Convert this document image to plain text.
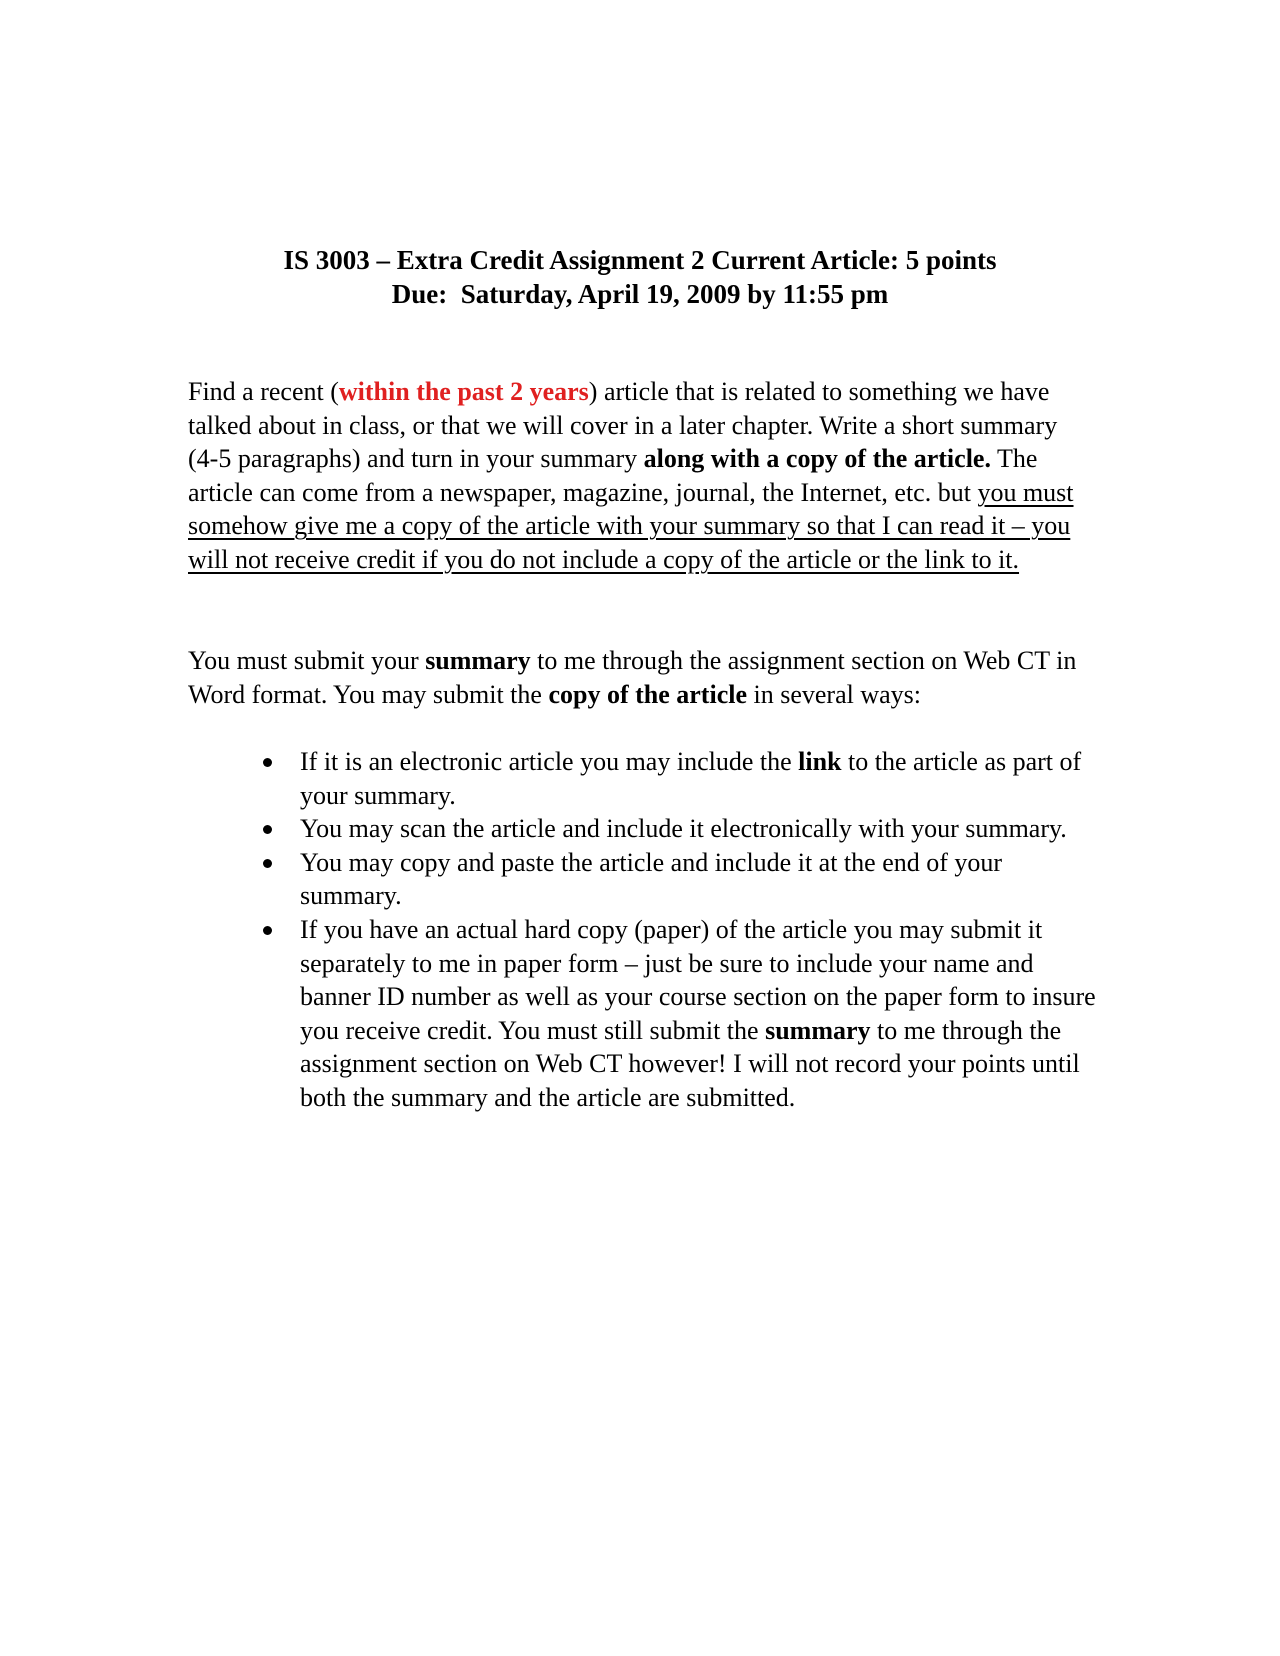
IS 3003 – Extra Credit Assignment 2 Current Article: 5 points
Due:  Saturday, April 19, 2009 by 11:55 pm

Find a recent (within the past 2 years) article that is related to something we have talked about in class, or that we will cover in a later chapter. Write a short summary (4-5 paragraphs) and turn in your summary along with a copy of the article. The article can come from a newspaper, magazine, journal, the Internet, etc. but you must somehow give me a copy of the article with your summary so that I can read it – you will not receive credit if you do not include a copy of the article or the link to it.

You must submit your summary to me through the assignment section on Web CT in Word format. You may submit the copy of the article in several ways:

If it is an electronic article you may include the link to the article as part of your summary.
You may scan the article and include it electronically with your summary.
You may copy and paste the article and include it at the end of your summary.
If you have an actual hard copy (paper) of the article you may submit it separately to me in paper form – just be sure to include your name and banner ID number as well as your course section on the paper form to insure you receive credit. You must still submit the summary to me through the assignment section on Web CT however! I will not record your points until both the summary and the article are submitted.
